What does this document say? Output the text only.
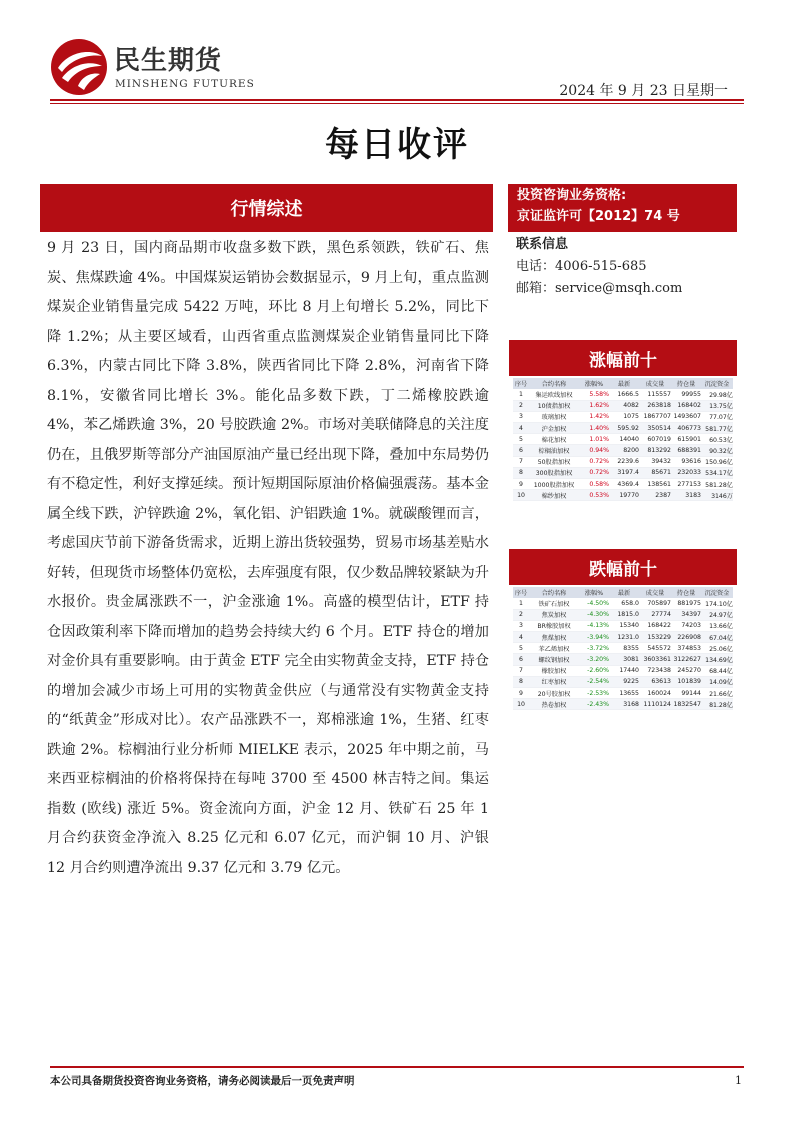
民生期货
MINSHENG FUTURES	2024 年 9 月 23 日星期一
每日收评
行情综述
9 月 23 日，国内商品期市收盘多数下跌，黑色系领跌，铁矿石、焦炭、焦煤跌逾 4%。中国煤炭运销协会数据显示，9 月上旬，重点监测煤炭企业销售量完成 5422 万吨，环比 8 月上旬增长 5.2%，同比下降 1.2%；从主要区域看，山西省重点监测煤炭企业销售量同比下降 6.3%，内蒙古同比下降 3.8%，陕西省同比下降 2.8%，河南省下降 8.1%，安徽省同比增长 3%。能化品多数下跌，丁二烯橡胶跌逾 4%，苯乙烯跌逾 3%，20 号胶跌逾 2%。市场对美联储降息的关注度仍在，且俄罗斯等部分产油国原油产量已经出现下降，叠加中东局势仍有不稳定性，利好支撑延续。预计短期国际原油价格偏强震荡。基本金属全线下跌，沪锌跌逾 2%，氧化铝、沪铝跌逾 1%。就碳酸锂而言，考虑国庆节前下游备货需求，近期上游出货较强势，贸易市场基差贴水好转，但现货市场整体仍宽松，去库强度有限，仅少数品牌较紧缺为升水报价。贵金属涨跌不一，沪金涨逾 1%。高盛的模型估计，ETF 持仓因政策利率下降而增加的趋势会持续大约 6 个月。ETF 持仓的增加对金价具有重要影响。由于黄金 ETF 完全由实物黄金支持，ETF 持仓的增加会减少市场上可用的实物黄金供应（与通常没有实物黄金支持的“纸黄金”形成对比）。农产品涨跌不一，郑棉涨逾 1%，生猪、红枣跌逾 2%。棕榈油行业分析师 MIELKE 表示，2025 年中期之前，马来西亚棕榈油的价格将保持在每吨 3700 至 4500 林吉特之间。集运指数 (欧线) 涨近 5%。资金流向方面，沪金 12 月、铁矿石 25 年 1 月合约获资金净流入 8.25 亿元和 6.07 亿元，而沪铜 10 月、沪银 12 月合约则遭净流出 9.37 亿元和 3.79 亿元。
投资咨询业务资格:
京证监许可【2012】74 号
联系信息
电话：4006-515-685
邮箱：service@msqh.com
涨幅前十
序号	合约名称	涨幅%	最新	成交量	持仓量	沉淀资金
1	集运欧线加权	5.58%	1666.5	115557	99955	29.98亿
2	10债指加权	1.62%	4082	263818	168402	13.75亿
3	玻璃加权	1.42%	1075	1867707	1493607	77.07亿
4	沪金加权	1.40%	595.92	350514	406773	581.77亿
5	棉花加权	1.01%	14040	607019	615901	60.53亿
6	棕榈油加权	0.94%	8200	813292	688391	90.32亿
7	50股指加权	0.72%	2239.6	39432	93616	150.96亿
8	300股指加权	0.72%	3197.4	85671	232033	534.17亿
9	1000股指加权	0.58%	4369.4	138561	277153	581.28亿
10	棉纱加权	0.53%	19770	2387	3183	3146万
跌幅前十
序号	合约名称	涨幅%	最新	成交量	持仓量	沉淀资金
1	铁矿石加权	-4.50%	658.0	705897	881975	174.10亿
2	焦炭加权	-4.30%	1815.0	27774	34397	24.97亿
3	BR橡胶加权	-4.13%	15340	168422	74203	13.66亿
4	焦煤加权	-3.94%	1231.0	153229	226908	67.04亿
5	苯乙烯加权	-3.72%	8355	545572	374853	25.06亿
6	螺纹钢加权	-3.20%	3081	3603361	3122627	134.69亿
7	橡胶加权	-2.60%	17440	723438	245270	68.44亿
8	红枣加权	-2.54%	9225	63613	101839	14.09亿
9	20号胶加权	-2.53%	13655	160024	99144	21.66亿
10	热卷加权	-2.43%	3168	1110124	1832547	81.28亿
本公司具备期货投资咨询业务资格，请务必阅读最后一页免责声明	1
